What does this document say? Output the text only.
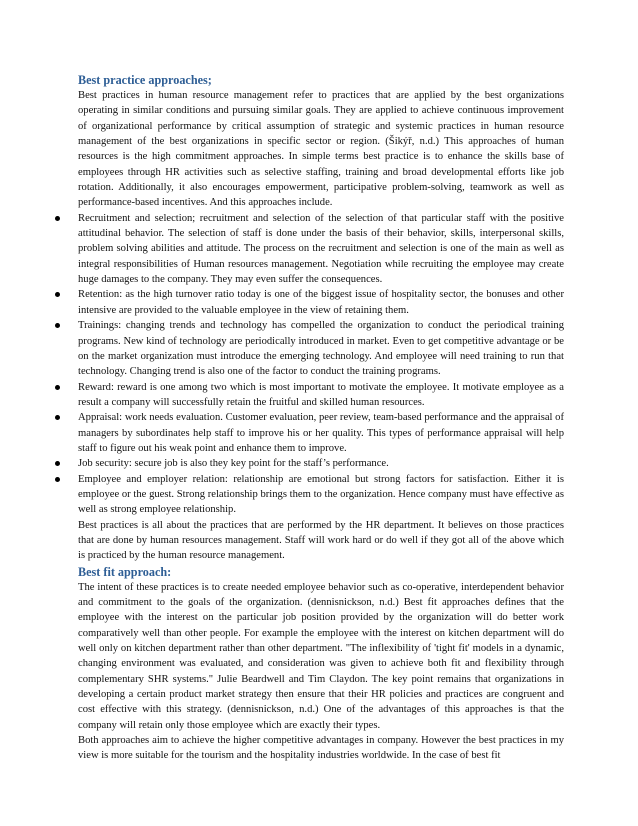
Best practice approaches;
Best practices in human resource management refer to practices that are applied by the best organizations operating in similar conditions and pursuing similar goals. They are applied to achieve continuous improvement of organizational performance by critical assumption of strategic and systemic practices in human resource management of the best organizations in specific sector or region. (Šikýř, n.d.) This approaches of human resources is the high commitment approaches. In simple terms best practice is to enhance the skills base of employees through HR activities such as selective staffing, training and broad developmental efforts like job rotation. Additionally, it also encourages empowerment, participative problem-solving, teamwork as well as performance-based incentives. And this approaches include.
Recruitment and selection; recruitment and selection of the selection of that particular staff with the positive attitudinal behavior. The selection of staff is done under the basis of their behavior, skills, interpersonal skills, problem solving abilities and attitude. The process on the recruitment and selection is one of the main as well as integral responsibilities of Human resources management. Negotiation while recruiting the employee may create huge damages to the company. They may even suffer the consequences.
Retention: as the high turnover ratio today is one of the biggest issue of hospitality sector, the bonuses and other intensive are provided to the valuable employee in the view of retaining them.
Trainings: changing trends and technology has compelled the organization to conduct the periodical training programs. New kind of technology are periodically introduced in market. Even to get competitive advantage or be on the market organization must introduce the emerging technology. And employee will need training to run that technology. Changing trend is also one of the factor to conduct the training programs.
Reward: reward is one among two which is most important to motivate the employee. It motivate employee as a result a company will successfully retain the fruitful and skilled human resources.
Appraisal: work needs evaluation. Customer evaluation, peer review, team-based performance and the appraisal of managers by subordinates help staff to improve his or her quality. This types of performance appraisal will help staff to figure out his weak point and enhance them to improve.
Job security: secure job is also they key point for the staff’s performance.
Employee and employer relation: relationship are emotional but strong factors for satisfaction. Either it is employee or the guest. Strong relationship brings them to the organization. Hence company must have effective as well as strong employee relationship.
Best practices is all about the practices that are performed by the HR department. It believes on those practices that are done by human resources management. Staff will work hard or do well if they got all of the above which is practiced by the human resource management.
Best fit approach:
The intent of these practices is to create needed employee behavior such as co-operative, interdependent behavior and commitment to the goals of the organization. (dennisnickson, n.d.) Best fit approaches defines that the employee with the interest on the particular job position provided by the organization will do better work comparatively well than other people. For example the employee with the interest on kitchen department will do well only on kitchen department rather than other department. "The inflexibility of 'tight fit' models in a dynamic, changing environment was evaluated, and consideration was given to achieve both fit and flexibility through complementary SHR systems." Julie Beardwell and Tim Claydon. The key point remains that organizations in developing a certain product market strategy then ensure that their HR policies and practices are congruent and cost effective with this strategy. (dennisnickson, n.d.) One of the advantages of this approaches is that the company will retain only those employee which are exactly their types.
Both approaches aim to achieve the higher competitive advantages in company. However the best practices in my view is more suitable for the tourism and the hospitality industries worldwide. In the case of best fit
